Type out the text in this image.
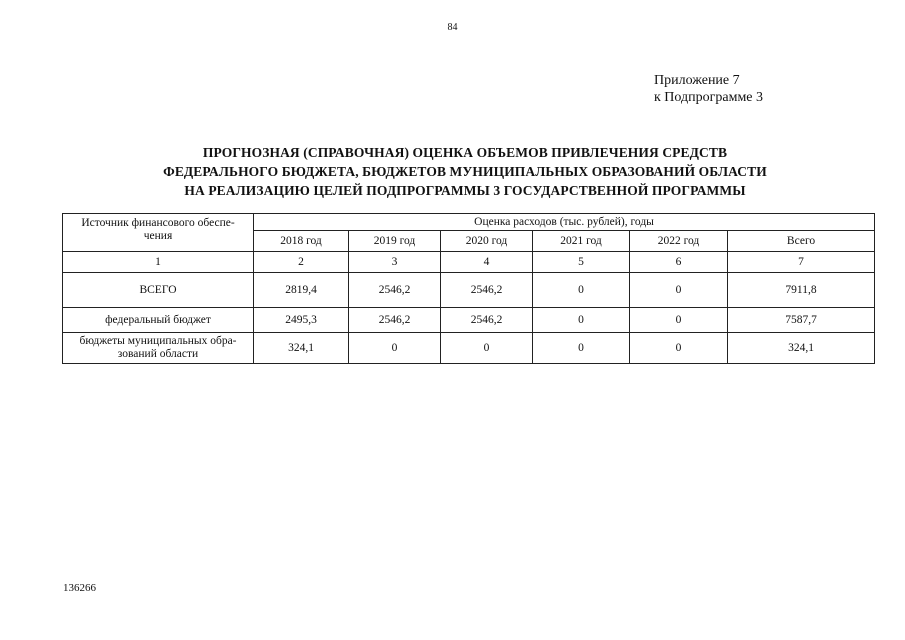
84
Приложение 7
к Подпрограмме 3
ПРОГНОЗНАЯ (СПРАВОЧНАЯ) ОЦЕНКА ОБЪЕМОВ ПРИВЛЕЧЕНИЯ СРЕДСТВ
ФЕДЕРАЛЬНОГО БЮДЖЕТА, БЮДЖЕТОВ МУНИЦИПАЛЬНЫХ ОБРАЗОВАНИЙ ОБЛАСТИ
НА РЕАЛИЗАЦИЮ ЦЕЛЕЙ ПОДПРОГРАММЫ 3 ГОСУДАРСТВЕННОЙ ПРОГРАММЫ
Источник финансового обеспе-
чения	Оценка расходов (тыс. рублей), годы					
	2018 год	2019 год	2020 год	2021 год	2022 год	Всего
1	2	3	4	5	6	7
ВСЕГО	2819,4	2546,2	2546,2	0	0	7911,8
федеральный бюджет	2495,3	2546,2	2546,2	0	0	7587,7

бюджеты муниципальных обра-
зований области	324,1	0	0	0	0	324,1
136266
